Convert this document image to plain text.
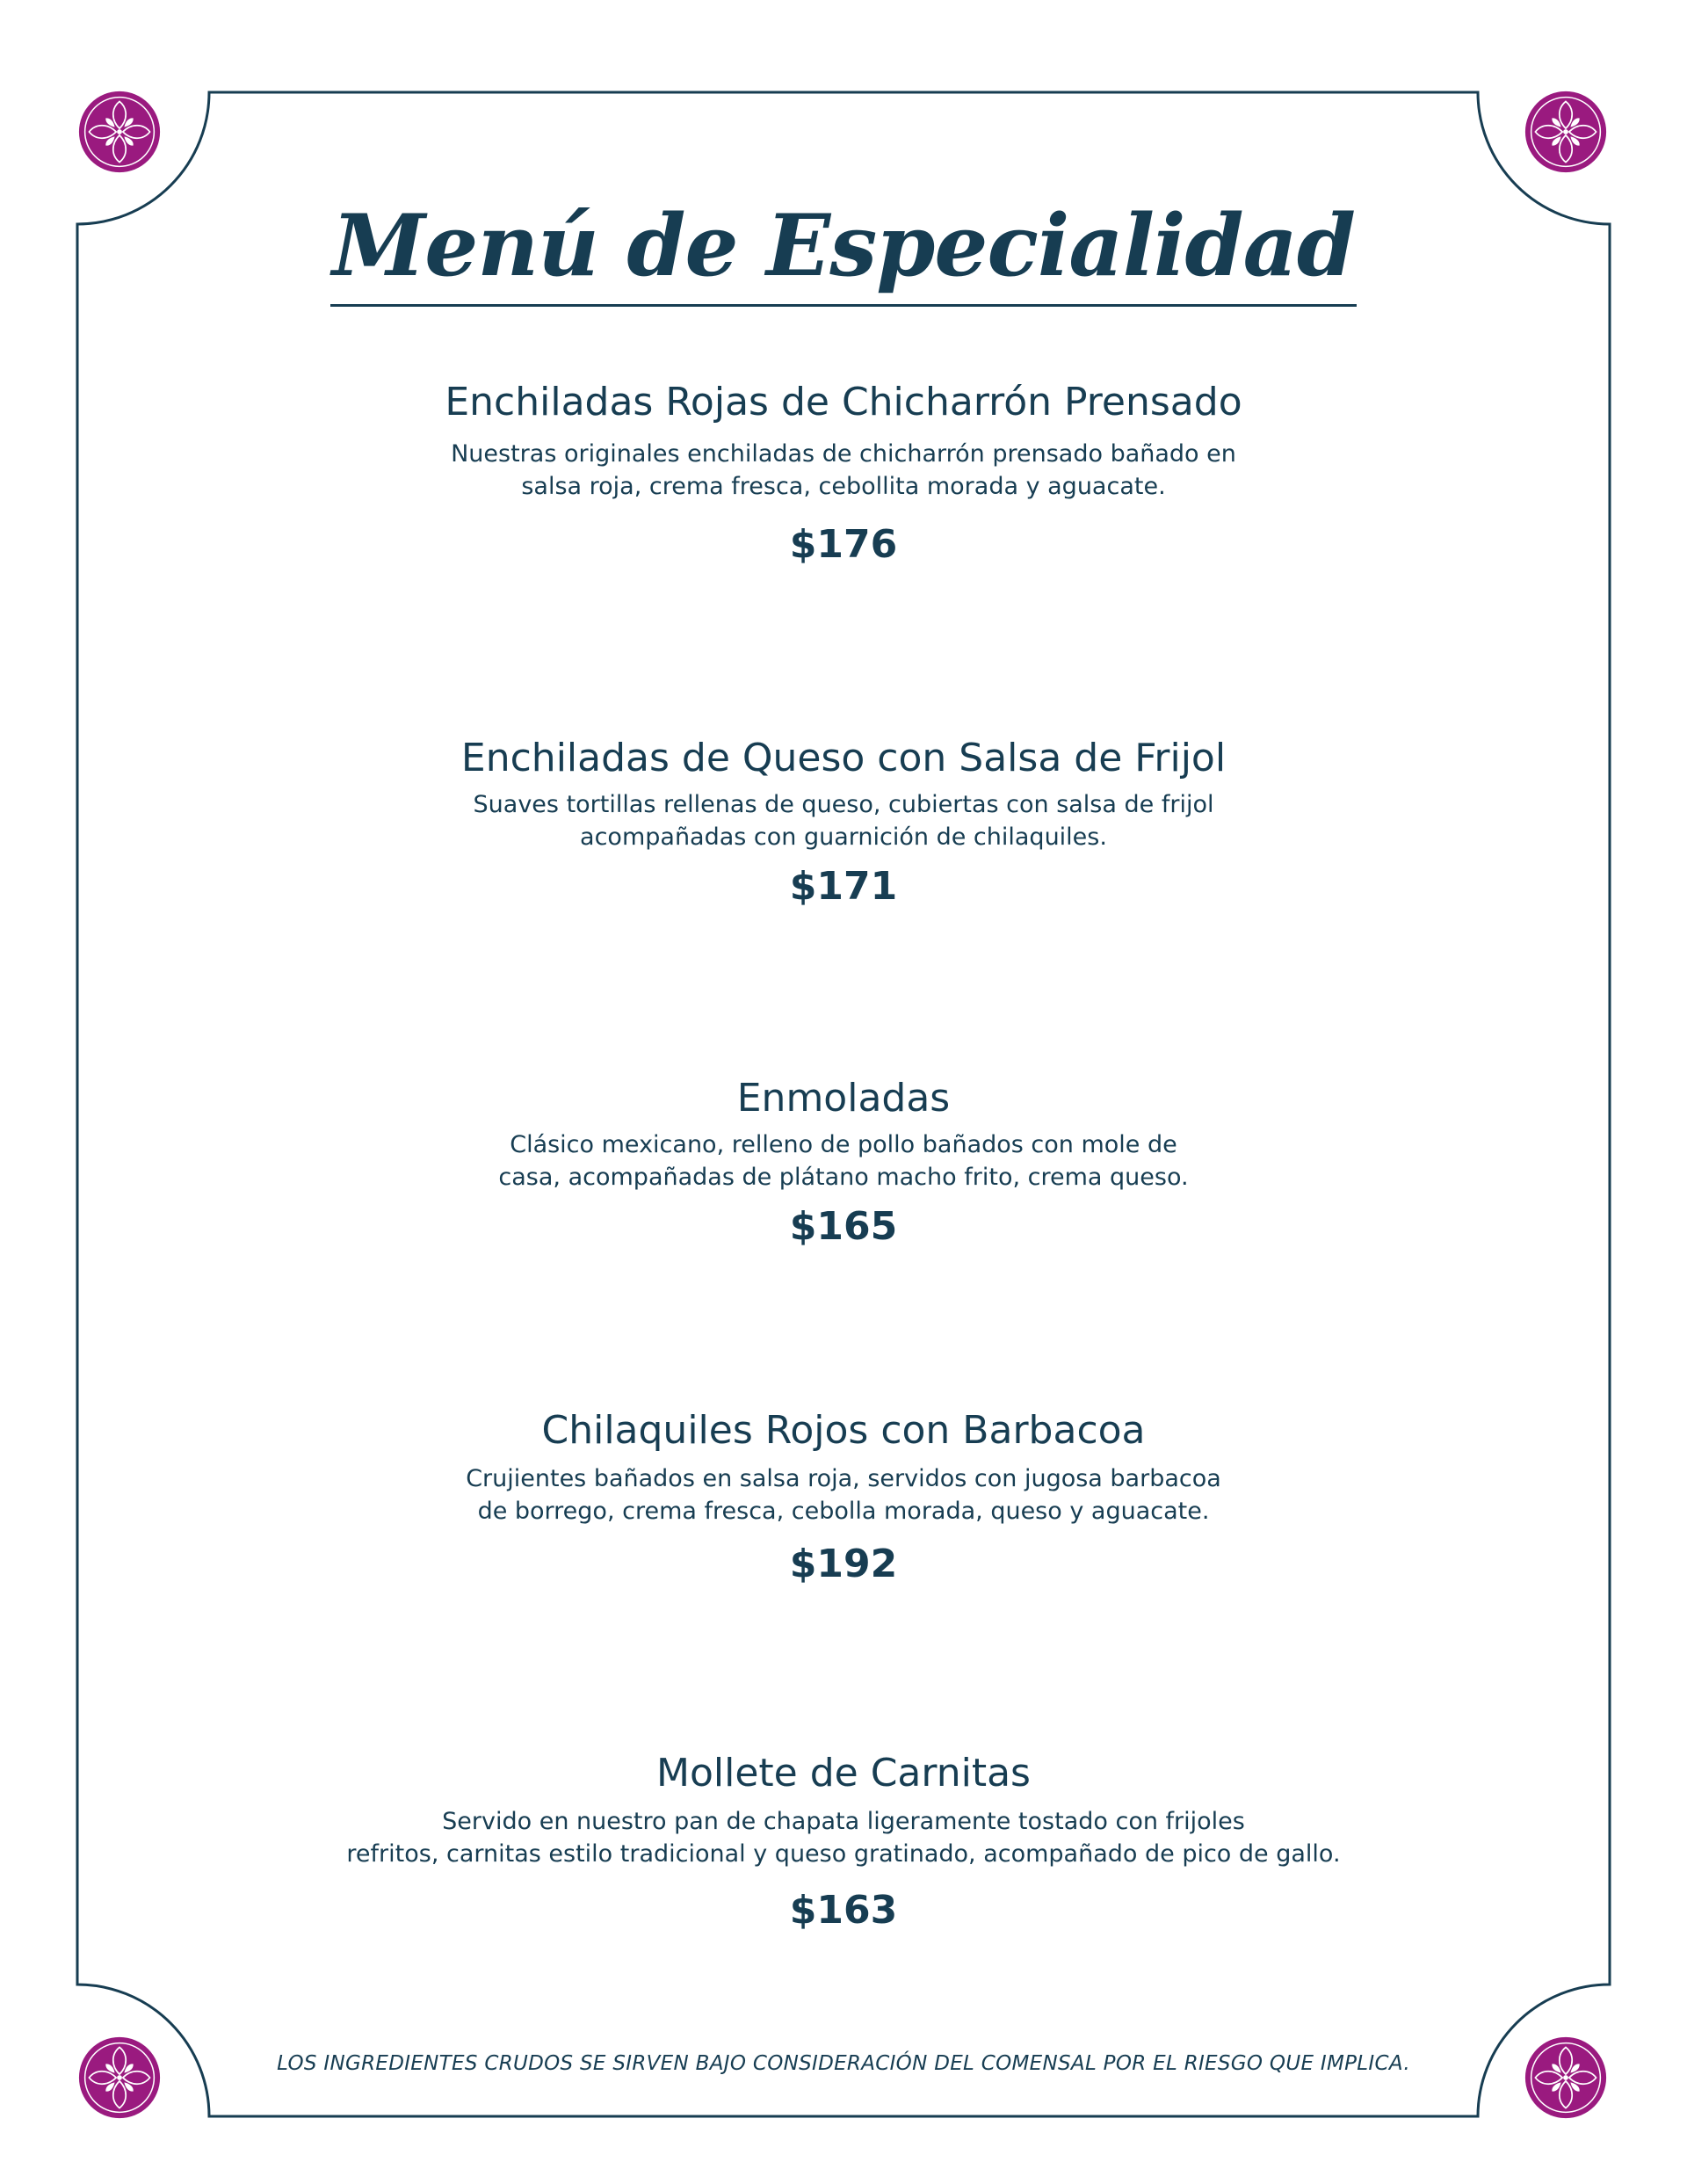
Menú de Especialidad
Enchiladas Rojas de Chicharrón Prensado
Nuestras originales enchiladas de chicharrón prensado bañado en
salsa roja, crema fresca, cebollita morada y aguacate.
$176
Enchiladas de Queso con Salsa de Frijol
Suaves tortillas rellenas de queso, cubiertas con salsa de frijol
acompañadas con guarnición de chilaquiles.
$171
Enmoladas
Clásico mexicano, relleno de pollo bañados con mole de
casa, acompañadas de plátano macho frito, crema queso.
$165
Chilaquiles Rojos con Barbacoa
Crujientes bañados en salsa roja, servidos con jugosa barbacoa
de borrego, crema fresca, cebolla morada, queso y aguacate.
$192
Mollete de Carnitas
Servido en nuestro pan de chapata ligeramente tostado con frijoles
refritos, carnitas estilo tradicional y queso gratinado, acompañado de pico de gallo.
$163
LOS INGREDIENTES CRUDOS SE SIRVEN BAJO CONSIDERACIÓN DEL COMENSAL POR EL RIESGO QUE IMPLICA.
